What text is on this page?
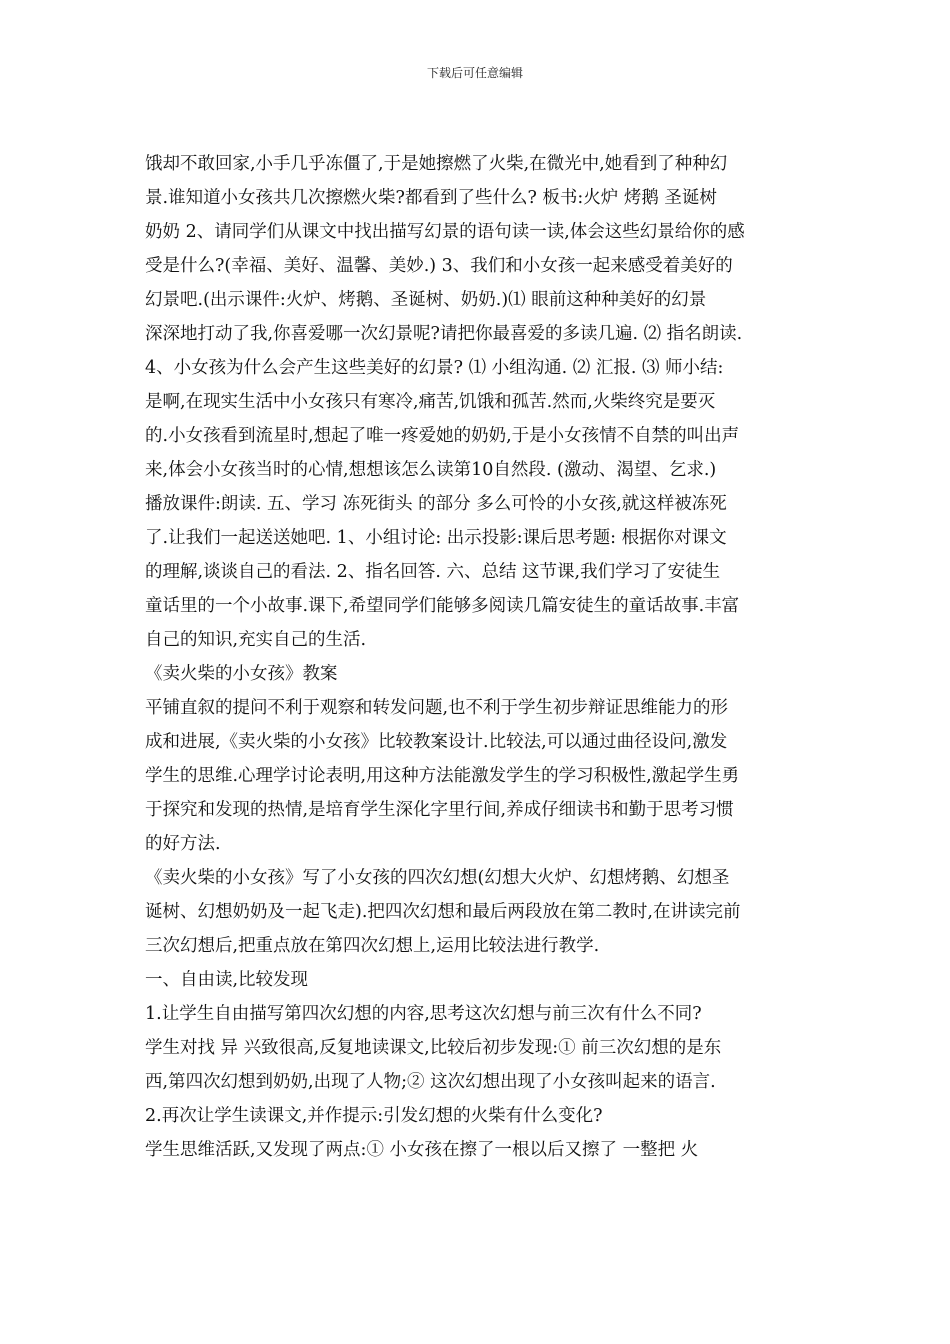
下载后可任意编辑
饿却不敢回家,小手几乎冻僵了,于是她擦燃了火柴,在微光中,她看到了种种幻
景.谁知道小女孩共几次擦燃火柴?都看到了些什么? 板书:火炉 烤鹅 圣诞树
奶奶 2、请同学们从课文中找出描写幻景的语句读一读,体会这些幻景给你的感
受是什么?(幸福、美好、温馨、美妙.) 3、我们和小女孩一起来感受着美好的
幻景吧.(出示课件:火炉、烤鹅、圣诞树、奶奶.)⑴ 眼前这种种美好的幻景
深深地打动了我,你喜爱哪一次幻景呢?请把你最喜爱的多读几遍. ⑵ 指名朗读.
4、小女孩为什么会产生这些美好的幻景? ⑴ 小组沟通. ⑵ 汇报. ⑶ 师小结:
是啊,在现实生活中小女孩只有寒冷,痛苦,饥饿和孤苦.然而,火柴终究是要灭
的.小女孩看到流星时,想起了唯一疼爱她的奶奶,于是小女孩情不自禁的叫出声
来,体会小女孩当时的心情,想想该怎么读第10自然段. (激动、渴望、乞求.)
播放课件:朗读. 五、学习 冻死街头 的部分 多么可怜的小女孩,就这样被冻死
了.让我们一起送送她吧. 1、小组讨论: 出示投影:课后思考题: 根据你对课文
的理解,谈谈自己的看法. 2、指名回答. 六、总结 这节课,我们学习了安徒生
童话里的一个小故事.课下,希望同学们能够多阅读几篇安徒生的童话故事.丰富
自己的知识,充实自己的生活.
《卖火柴的小女孩》教案
平铺直叙的提问不利于观察和转发问题,也不利于学生初步辩证思维能力的形
成和进展,《卖火柴的小女孩》比较教案设计.比较法,可以通过曲径设问,激发
学生的思维.心理学讨论表明,用这种方法能激发学生的学习积极性,激起学生勇
于探究和发现的热情,是培育学生深化字里行间,养成仔细读书和勤于思考习惯
的好方法.
《卖火柴的小女孩》写了小女孩的四次幻想(幻想大火炉、幻想烤鹅、幻想圣
诞树、幻想奶奶及一起飞走).把四次幻想和最后两段放在第二教时,在讲读完前
三次幻想后,把重点放在第四次幻想上,运用比较法进行教学.
一、自由读,比较发现
1.让学生自由描写第四次幻想的内容,思考这次幻想与前三次有什么不同?
学生对找 异 兴致很高,反复地读课文,比较后初步发现:① 前三次幻想的是东
西,第四次幻想到奶奶,出现了人物;② 这次幻想出现了小女孩叫起来的语言.
2.再次让学生读课文,并作提示:引发幻想的火柴有什么变化?
学生思维活跃,又发现了两点:① 小女孩在擦了一根以后又擦了 一整把 火
